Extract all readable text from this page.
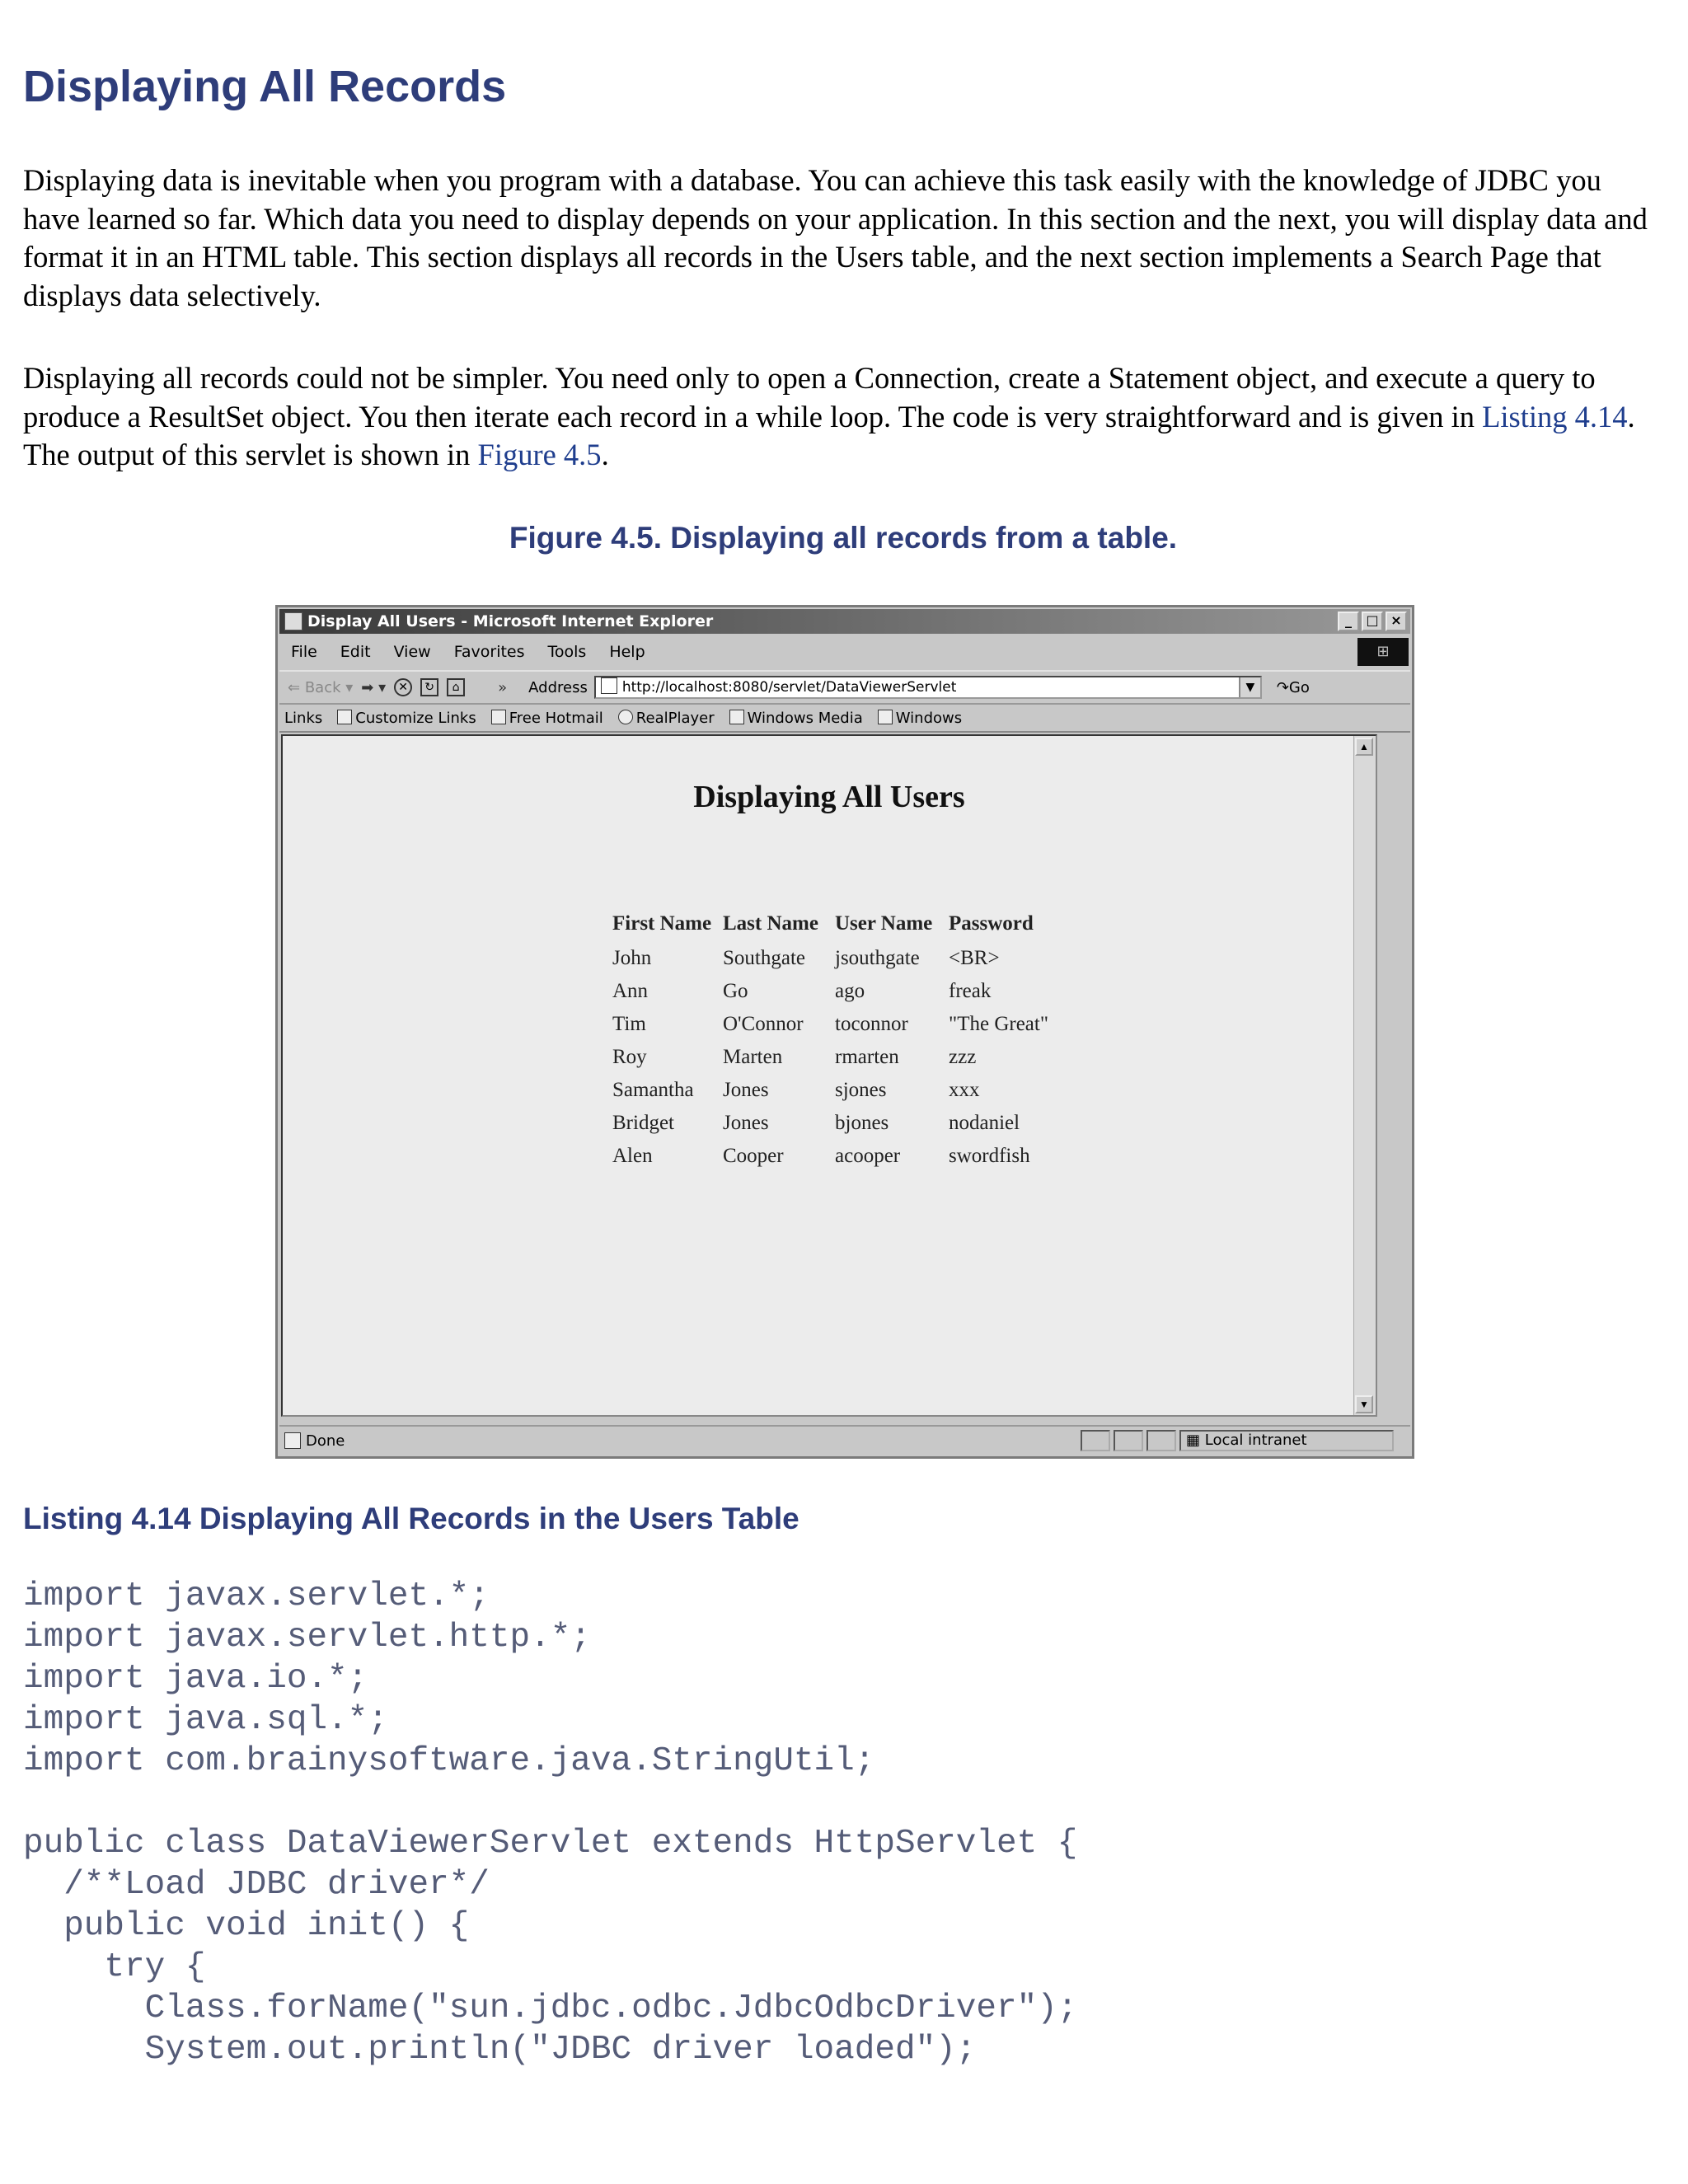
Displaying All Records

Displaying data is inevitable when you program with a database. You can achieve this task easily with the knowledge of JDBC you have learned so far. Which data you need to display depends on your application. In this section and the next, you will display data and format it in an HTML table. This section displays all records in the Users table, and the next section implements a Search Page that displays data selectively.

Displaying all records could not be simpler. You need only to open a Connection, create a Statement object, and execute a query to produce a ResultSet object. You then iterate each record in a while loop. The code is very straightforward and is given in Listing 4.14. The output of this servlet is shown in Figure 4.5.

Figure 4.5. Displaying all records from a table.

Listing 4.14 Displaying All Records in the Users Table

import javax.servlet.*;
import javax.servlet.http.*;
import java.io.*;
import java.sql.*;
import com.brainysoftware.java.StringUtil;
public class DataViewerServlet extends HttpServlet {
/**Load JDBC driver*/
public void init() {
try {
Class.forName("sun.jdbc.odbc.JdbcOdbcDriver");
System.out.println("JDBC driver loaded");
Display All Users - Microsoft Internet Explorer	_	□ ×
File Edit View Favorites Tools Help	⊞
⇐ Back ▾ ➡ ▾	✕	↻	⌂	» Address	http://localhost:8080/servlet/DataViewerServlet	▼	↷Go
Links	Customize Links	Free Hotmail	RealPlayer	Windows Media	Windows
Displaying All Users
First Name	Last Name	User Name	Password
John	Southgate	jsouthgate	<BR>
Ann	Go	ago	freak
Tim	O'Connor	toconnor	"The Great"
Roy	Marten	rmarten	zzz
Samantha	Jones	sjones	xxx
Bridget	Jones	bjones	nodaniel
Alen	Cooper	acooper	swordfish
▲
▼
Done	▦ Local intranet
